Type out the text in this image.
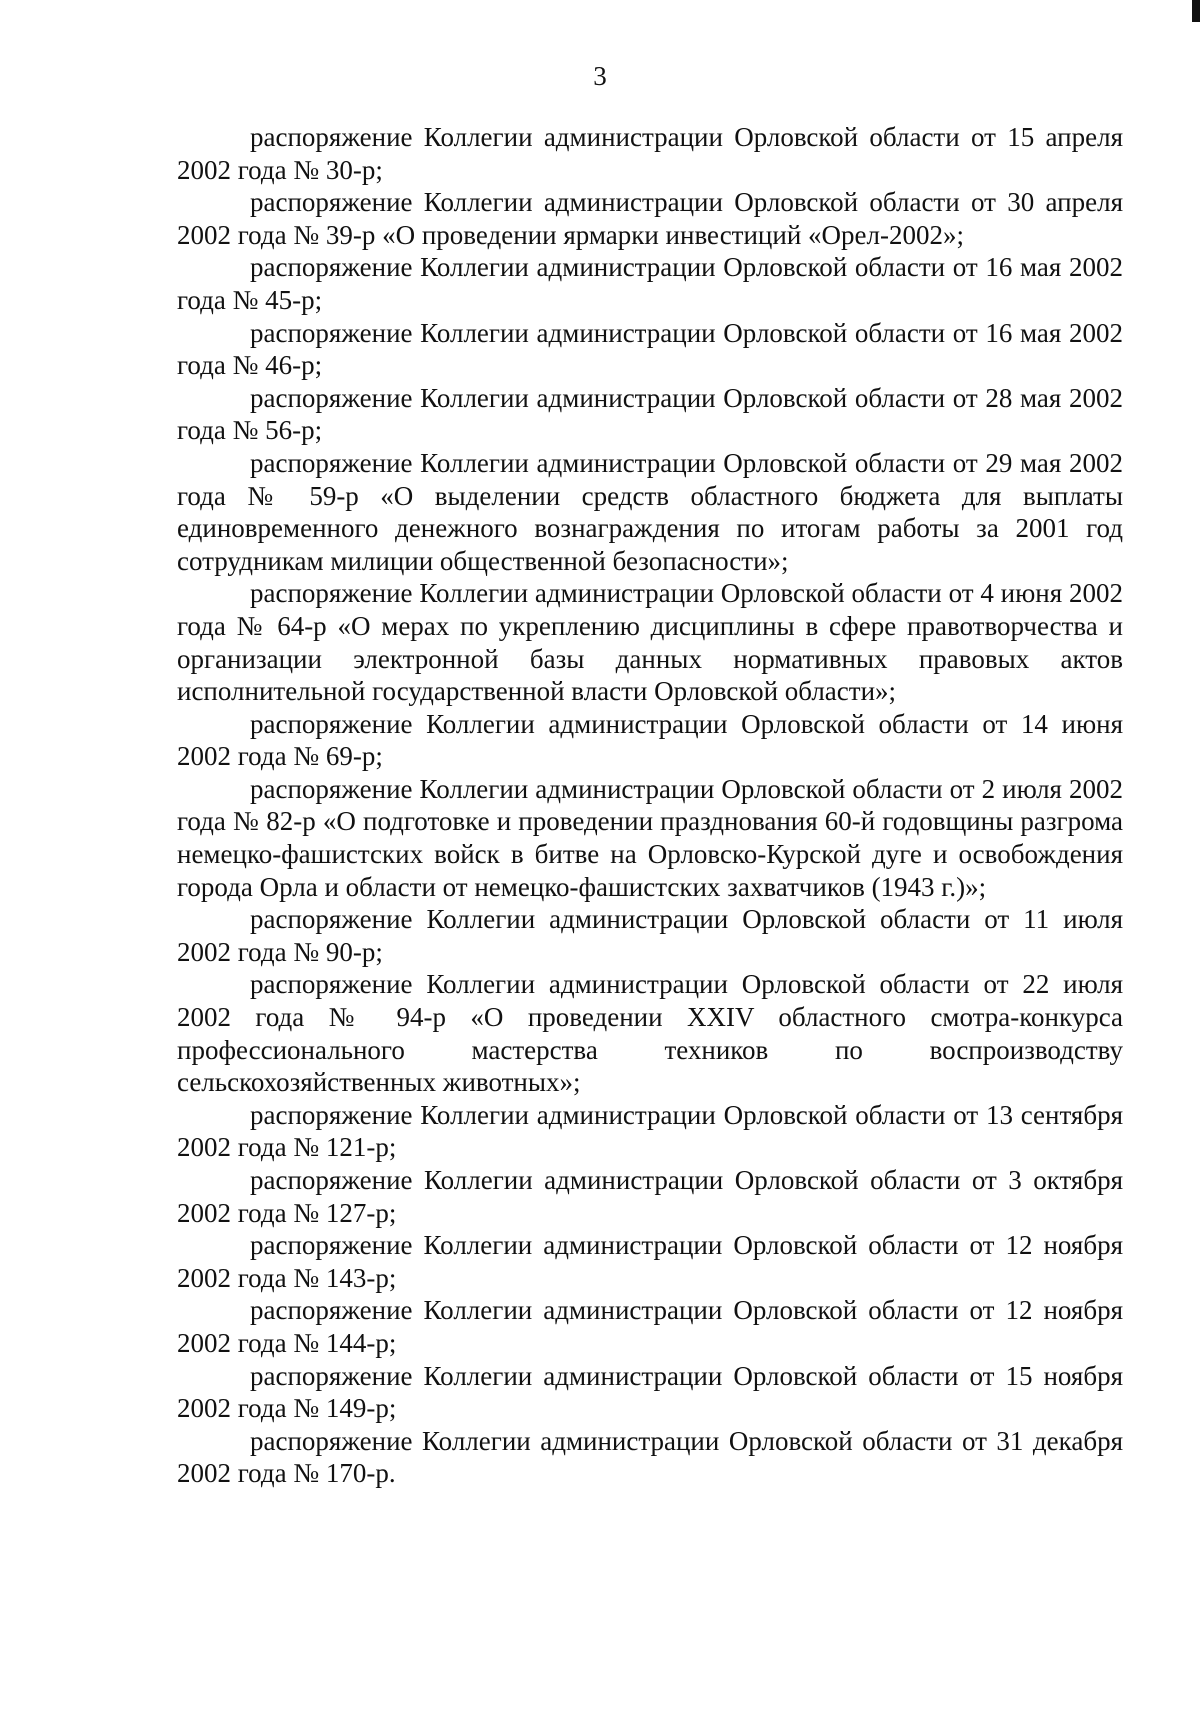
3

распоряжение Коллегии администрации Орловской области от 15 апреля 2002 года № 30-р;

распоряжение Коллегии администрации Орловской области от 30 апреля 2002 года № 39-р «О проведении ярмарки инвестиций «Орел-2002»;

распоряжение Коллегии администрации Орловской области от 16 мая 2002 года № 45-р;

распоряжение Коллегии администрации Орловской области от 16 мая 2002 года № 46-р;

распоряжение Коллегии администрации Орловской области от 28 мая 2002 года № 56-р;

распоряжение Коллегии администрации Орловской области от 29 мая 2002 года № 59-р «О выделении средств областного бюджета для выплаты единовременного денежного вознаграждения по итогам работы за 2001 год сотрудникам милиции общественной безопасности»;

распоряжение Коллегии администрации Орловской области от 4 июня 2002 года № 64-р «О мерах по укреплению дисциплины в сфере правотворчества и организации электронной базы данных нормативных правовых актов исполнительной государственной власти Орловской области»;

распоряжение Коллегии администрации Орловской области от 14 июня 2002 года № 69-р;

распоряжение Коллегии администрации Орловской области от 2 июля 2002 года № 82-р «О подготовке и проведении празднования 60-й годовщины разгрома немецко-фашистских войск в битве на Орловско-Курской дуге и освобождения города Орла и области от немецко-фашистских захватчиков (1943 г.)»;

распоряжение Коллегии администрации Орловской области от 11 июля 2002 года № 90-р;

распоряжение Коллегии администрации Орловской области от 22 июля 2002 года № 94-р «О проведении XXIV областного смотра-конкурса профессионального мастерства техников по воспроизводству сельскохозяйственных животных»;

распоряжение Коллегии администрации Орловской области от 13 сентября 2002 года № 121-р;

распоряжение Коллегии администрации Орловской области от 3 октября 2002 года № 127-р;

распоряжение Коллегии администрации Орловской области от 12 ноября 2002 года № 143-р;

распоряжение Коллегии администрации Орловской области от 12 ноября 2002 года № 144-р;

распоряжение Коллегии администрации Орловской области от 15 ноября 2002 года № 149-р;

распоряжение Коллегии администрации Орловской области от 31 декабря 2002 года № 170-р.
